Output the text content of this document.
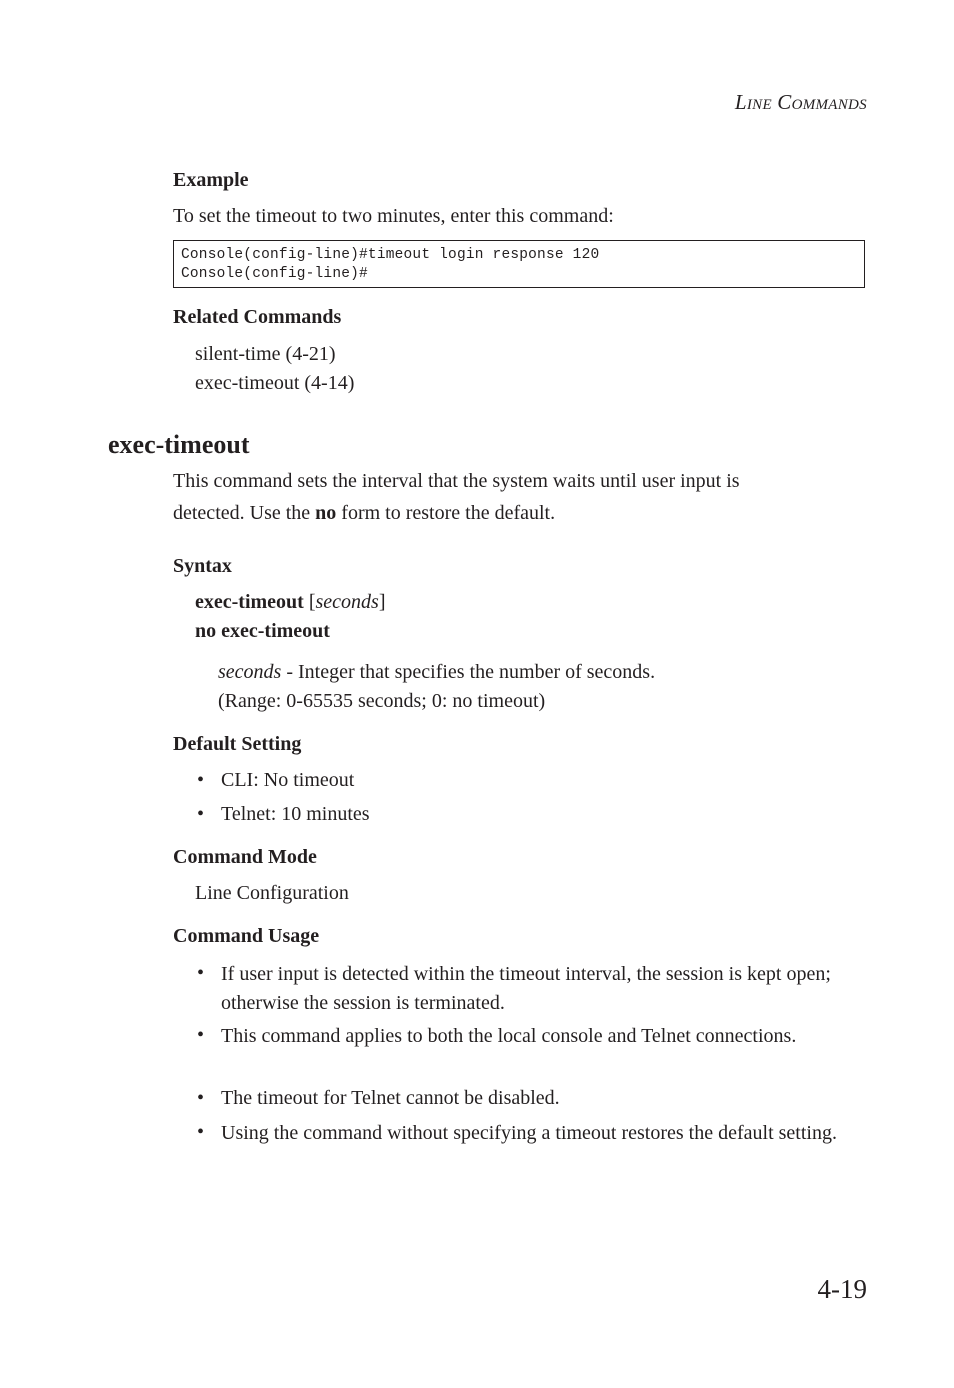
LINE COMMANDS
Example
To set the timeout to two minutes, enter this command:
Console(config-line)#timeout login response 120
Console(config-line)#
Related Commands
silent-time (4-21)
exec-timeout (4-14)
exec-timeout
This command sets the interval that the system waits until user input is
detected. Use the no form to restore the default.
Syntax
exec-timeout [seconds]
no exec-timeout
seconds - Integer that specifies the number of seconds.
(Range: 0-65535 seconds; 0: no timeout)
Default Setting
• CLI: No timeout
• Telnet: 10 minutes
Command Mode
Line Configuration
Command Usage
• If user input is detected within the timeout interval, the session is kept open; otherwise the session is terminated.
• This command applies to both the local console and Telnet connections.
• The timeout for Telnet cannot be disabled.
• Using the command without specifying a timeout restores the default setting.
4-19
